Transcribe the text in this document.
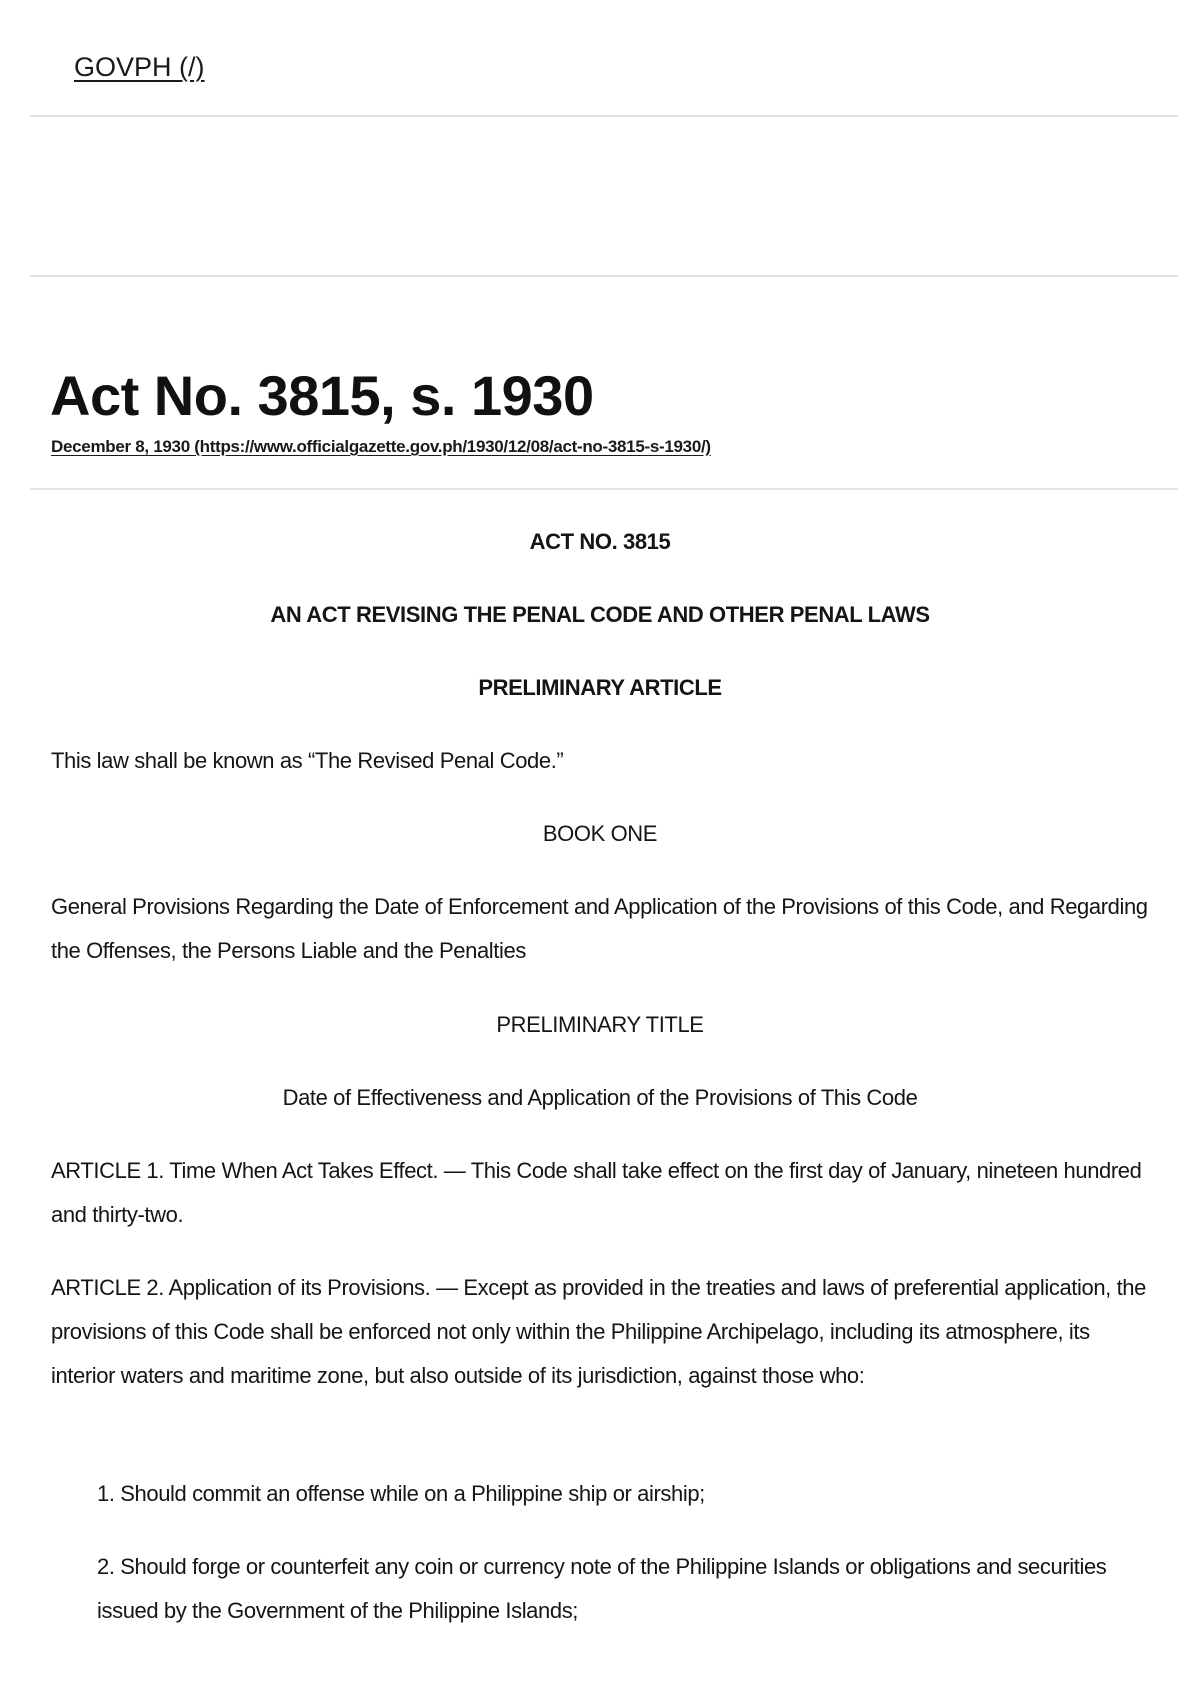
GOVPH (/)
Act No. 3815, s. 1930
December 8, 1930 (https://www.officialgazette.gov.ph/1930/12/08/act-no-3815-s-1930/)

ACT NO. 3815

AN ACT REVISING THE PENAL CODE AND OTHER PENAL LAWS

PRELIMINARY ARTICLE

This law shall be known as “The Revised Penal Code.”

BOOK ONE

General Provisions Regarding the Date of Enforcement and Application of the Provisions of this Code, and Regarding the Offenses, the Persons Liable and the Penalties

PRELIMINARY TITLE

Date of Effectiveness and Application of the Provisions of This Code

ARTICLE 1. Time When Act Takes Effect. — This Code shall take effect on the first day of January, nineteen hundred and thirty-two.

ARTICLE 2. Application of its Provisions. — Except as provided in the treaties and laws of preferential application, the provisions of this Code shall be enforced not only within the Philippine Archipelago, including its atmosphere, its interior waters and maritime zone, but also outside of its jurisdiction, against those who:

1. Should commit an offense while on a Philippine ship or airship;

2. Should forge or counterfeit any coin or currency note of the Philippine Islands or obligations and securities issued by the Government of the Philippine Islands;
